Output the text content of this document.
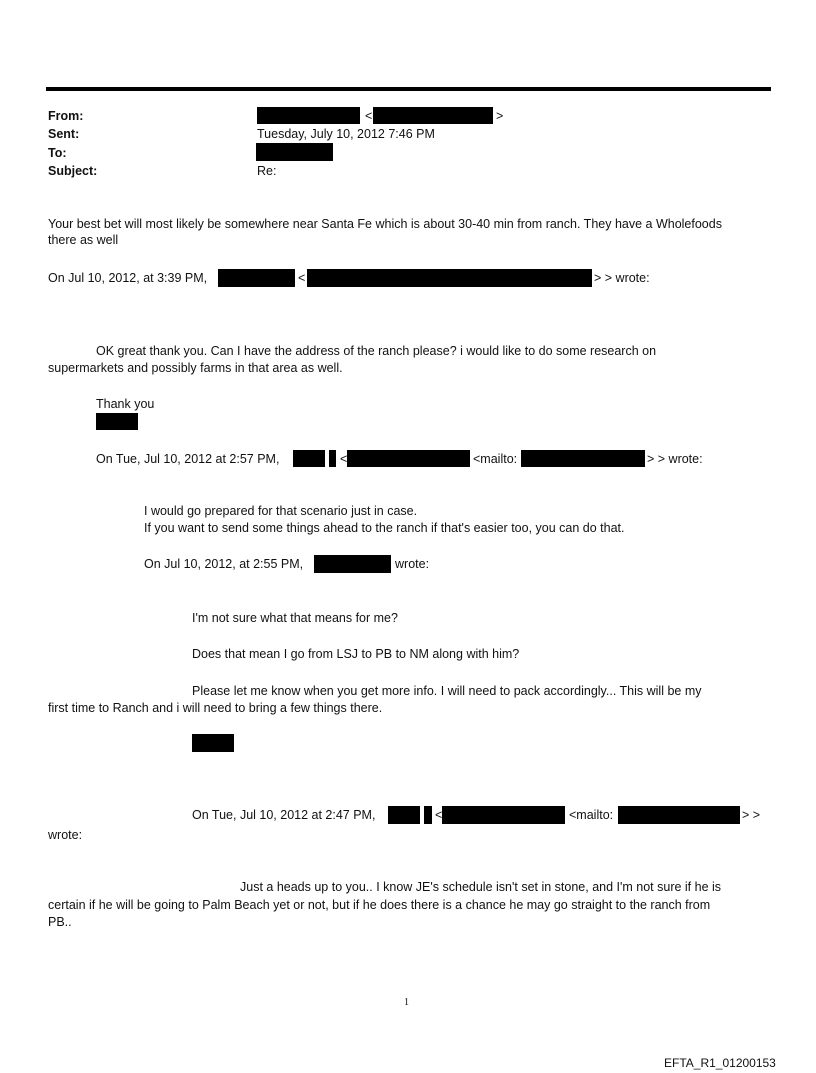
From:	<	>
Sent:	Tuesday, July 10, 2012 7:46 PM
To:
Subject:	Re:
Your best bet will most likely be somewhere near Santa Fe which is about 30-40 min from ranch. They have a Wholefoods there as well
On Jul 10, 2012, at 3:39 PM,	<	> > wrote:
OK great thank you. Can I have the address of the ranch please? i would like to do some research on
supermarkets and possibly farms in that area as well.
Thank you
On Tue, Jul 10, 2012 at 2:57 PM,	<	<mailto:	> > wrote:
I would go prepared for that scenario just in case.
If you want to send some things ahead to the ranch if that's easier too, you can do that.
On Jul 10, 2012, at 2:55 PM,	wrote:
I'm not sure what that means for me?
Does that mean I go from LSJ to PB to NM along with him?
Please let me know when you get more info. I will need to pack accordingly... This will be my
first time to Ranch and i will need to bring a few things there.
On Tue, Jul 10, 2012 at 2:47 PM,	<	<mailto:	> >
wrote:
Just a heads up to you.. I know JE's schedule isn't set in stone, and I'm not sure if he is
certain if he will be going to Palm Beach yet or not, but if he does there is a chance he may go straight to the ranch from
PB..
1
EFTA_R1_01200153
